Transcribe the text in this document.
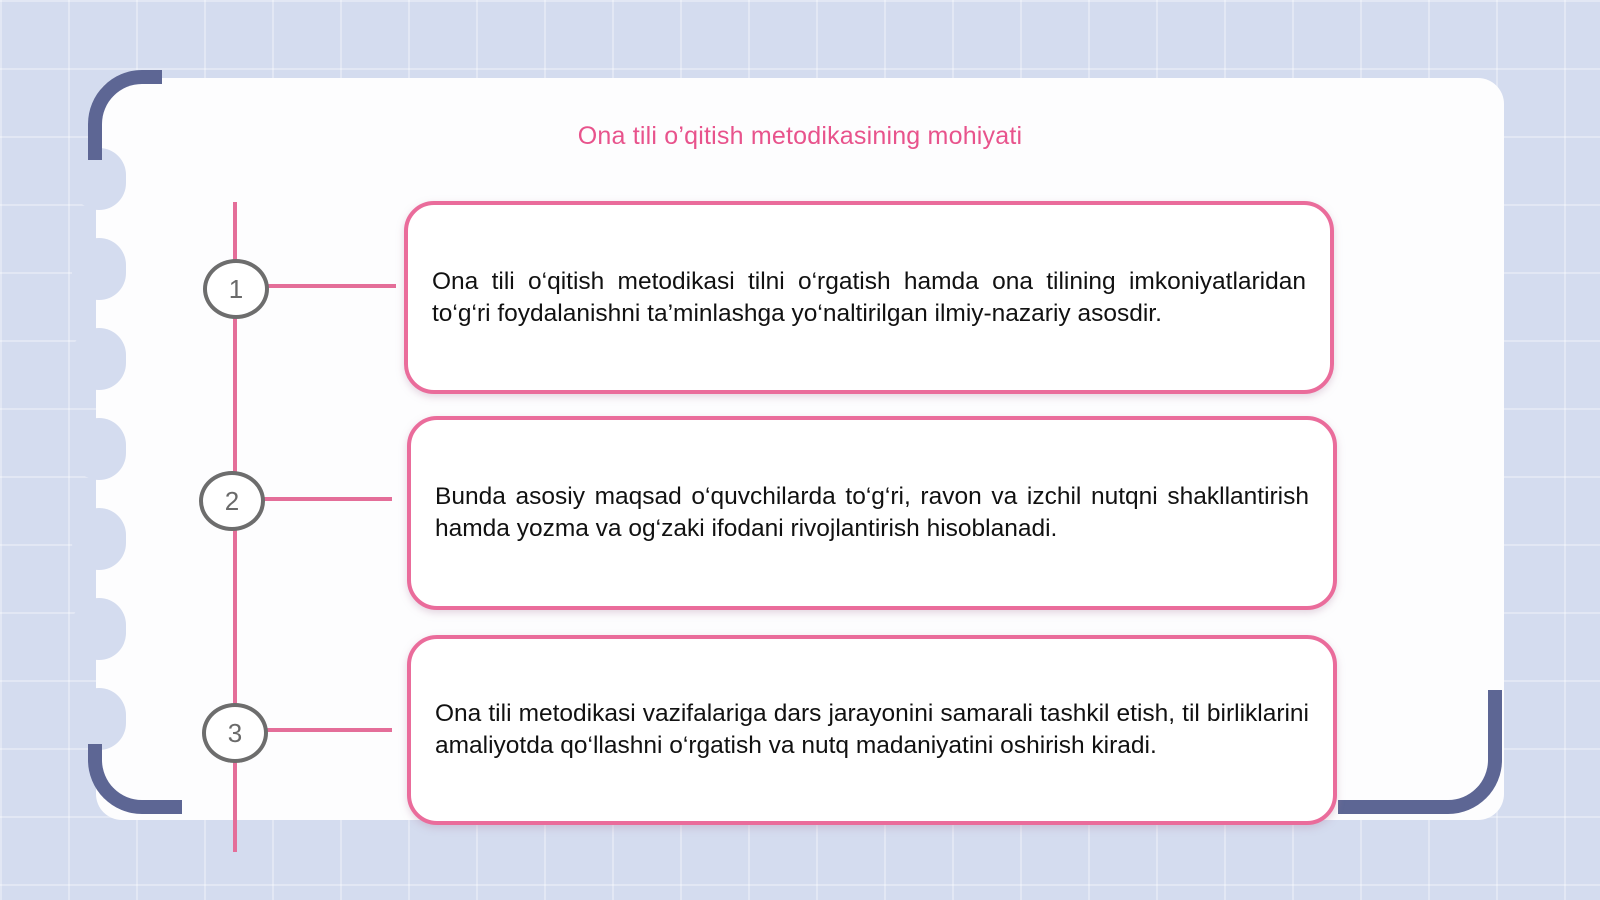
Ona tili o’qitish metodikasining mohiyati
1	Ona tili o‘qitish metodikasi tilni o‘rgatish hamda ona tilining imkoniyatlaridan to‘g‘ri foydalanishni ta’minlashga yo‘naltirilgan ilmiy-nazariy asosdir.

2	Bunda asosiy maqsad o‘quvchilarda to‘g‘ri, ravon va izchil nutqni shakllantirish hamda yozma va og‘zaki ifodani rivojlantirish hisoblanadi.

3

Ona tili metodikasi vazifalariga dars jarayonini samarali tashkil etish, til birliklarini amaliyotda qo‘llashni o‘rgatish va nutq madaniyatini oshirish kiradi.
